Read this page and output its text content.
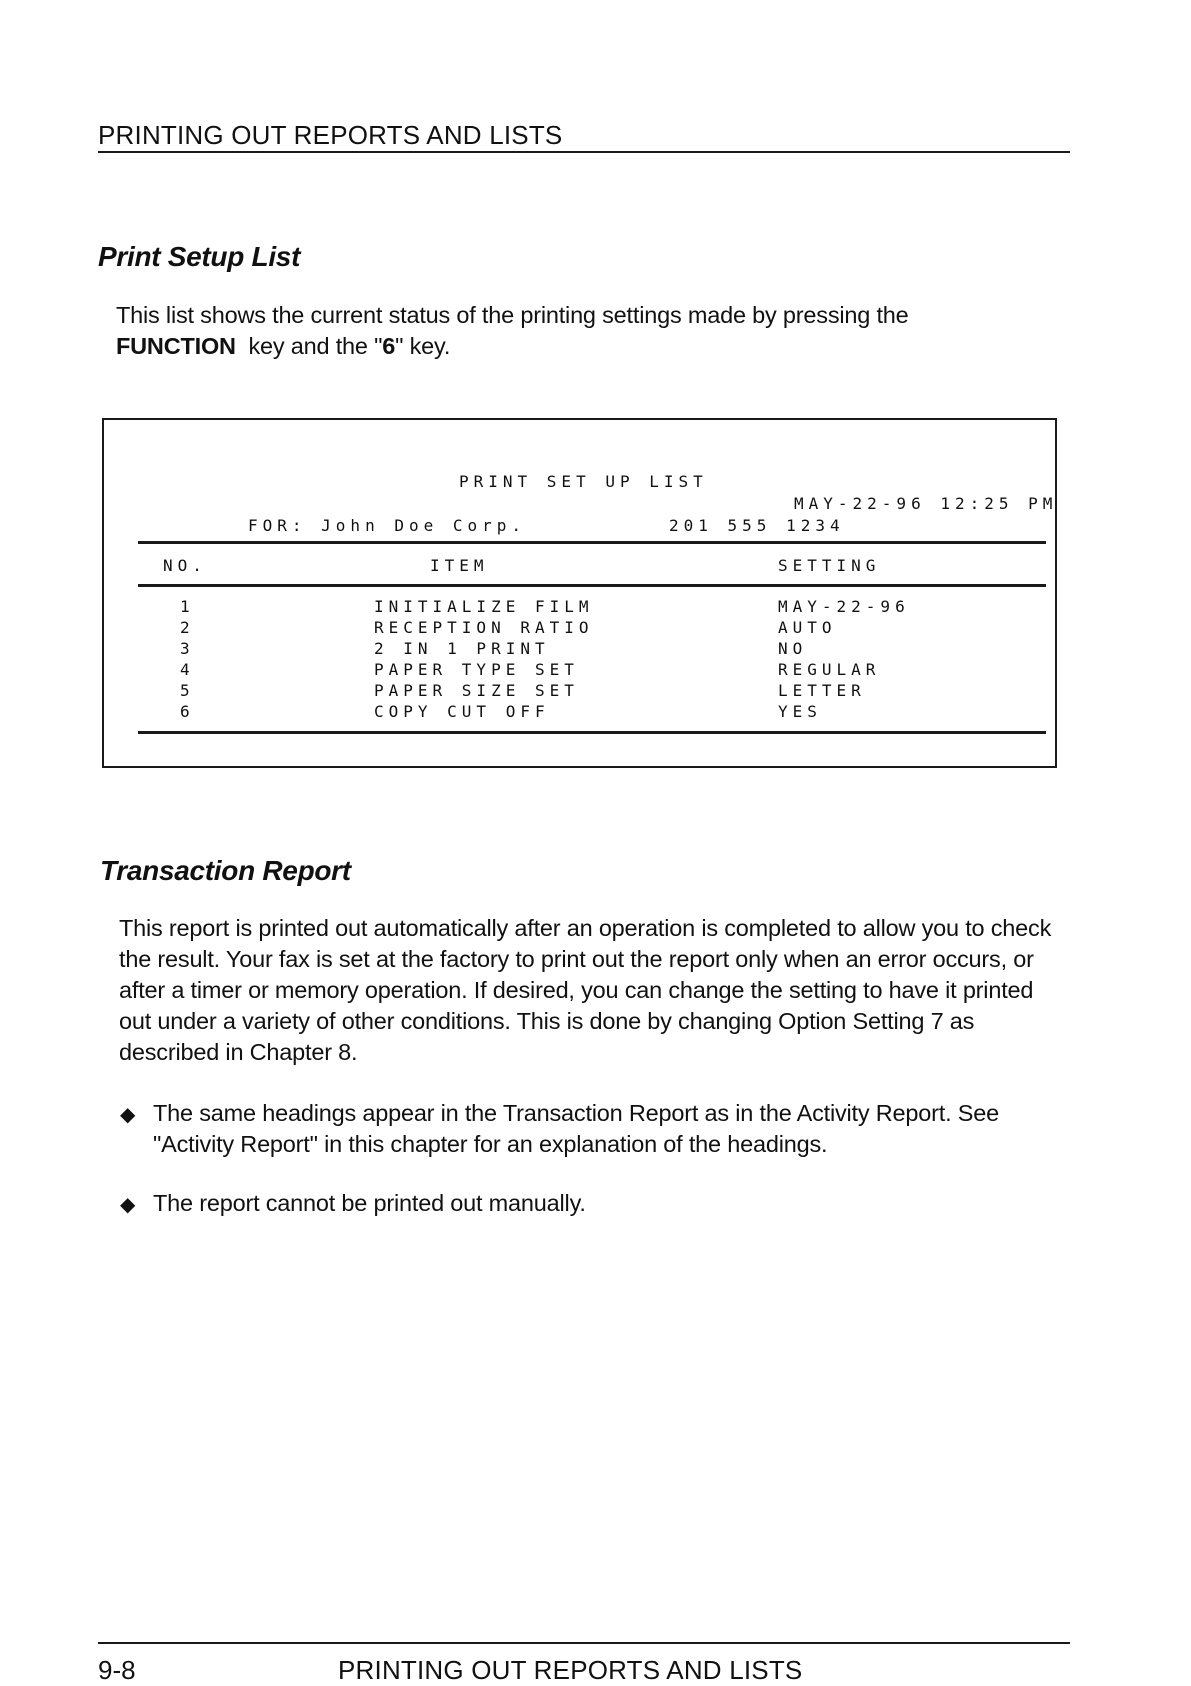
PRINTING OUT REPORTS AND LISTS
Print Setup List
This list shows the current status of the printing settings made by pressing the FUNCTION  key and the "6" key.
PRINT SET UP LIST
MAY-22-96 12:25 PM
FOR: John Doe Corp.	201 555 1234
NO.	ITEM	SETTING
1	INITIALIZE FILM	MAY-22-96
2	RECEPTION RATIO	AUTO
3	2 IN 1 PRINT	NO
4	PAPER TYPE SET	REGULAR
5	PAPER SIZE SET	LETTER
6	COPY CUT OFF	YES
Transaction Report
This report is printed out automatically after an operation is completed to allow you to check the result. Your fax is set at the factory to print out the report only when an error occurs, or after a timer or memory operation. If desired, you can change the setting to have it printed out under a variety of other conditions. This is done by changing Option Setting 7 as described in Chapter 8.
◆ The same headings appear in the Transaction Report as in the Activity Report. See "Activity Report" in this chapter for an explanation of the headings.
◆ The report cannot be printed out manually.
9-8	PRINTING OUT REPORTS AND LISTS
